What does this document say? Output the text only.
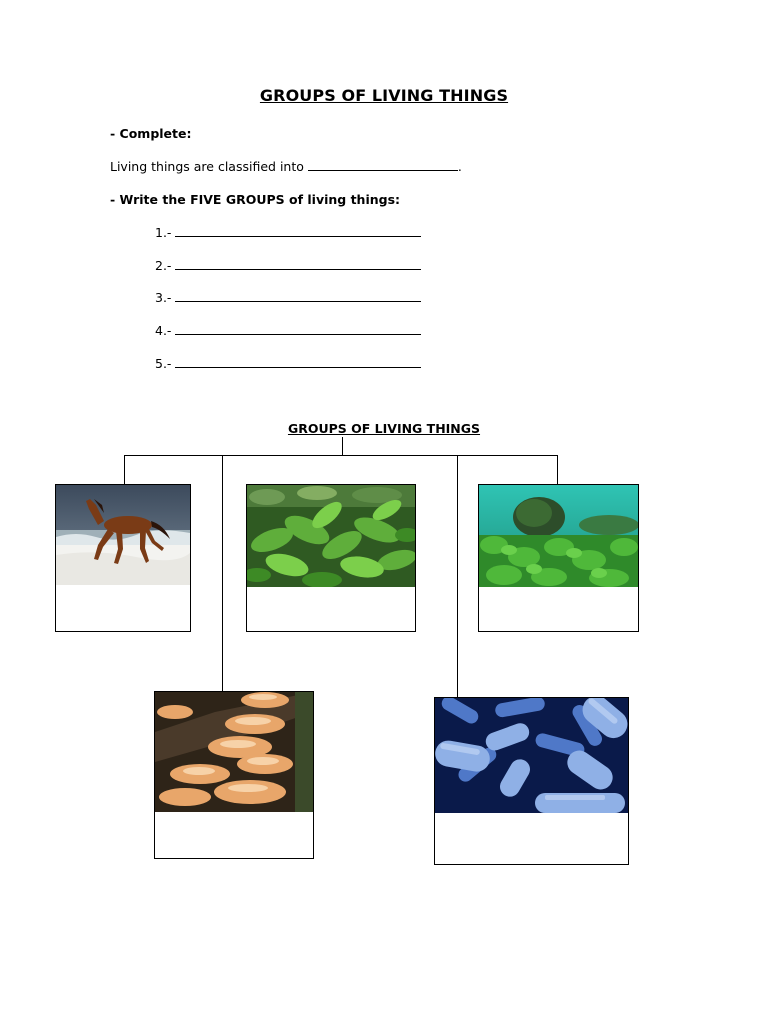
GROUPS OF LIVING THINGS
- Complete:
Living things are classified into	.
- Write the FIVE GROUPS of living things:
1.-
2.-
3.-
4.-
5.-
GROUPS OF LIVING THINGS
